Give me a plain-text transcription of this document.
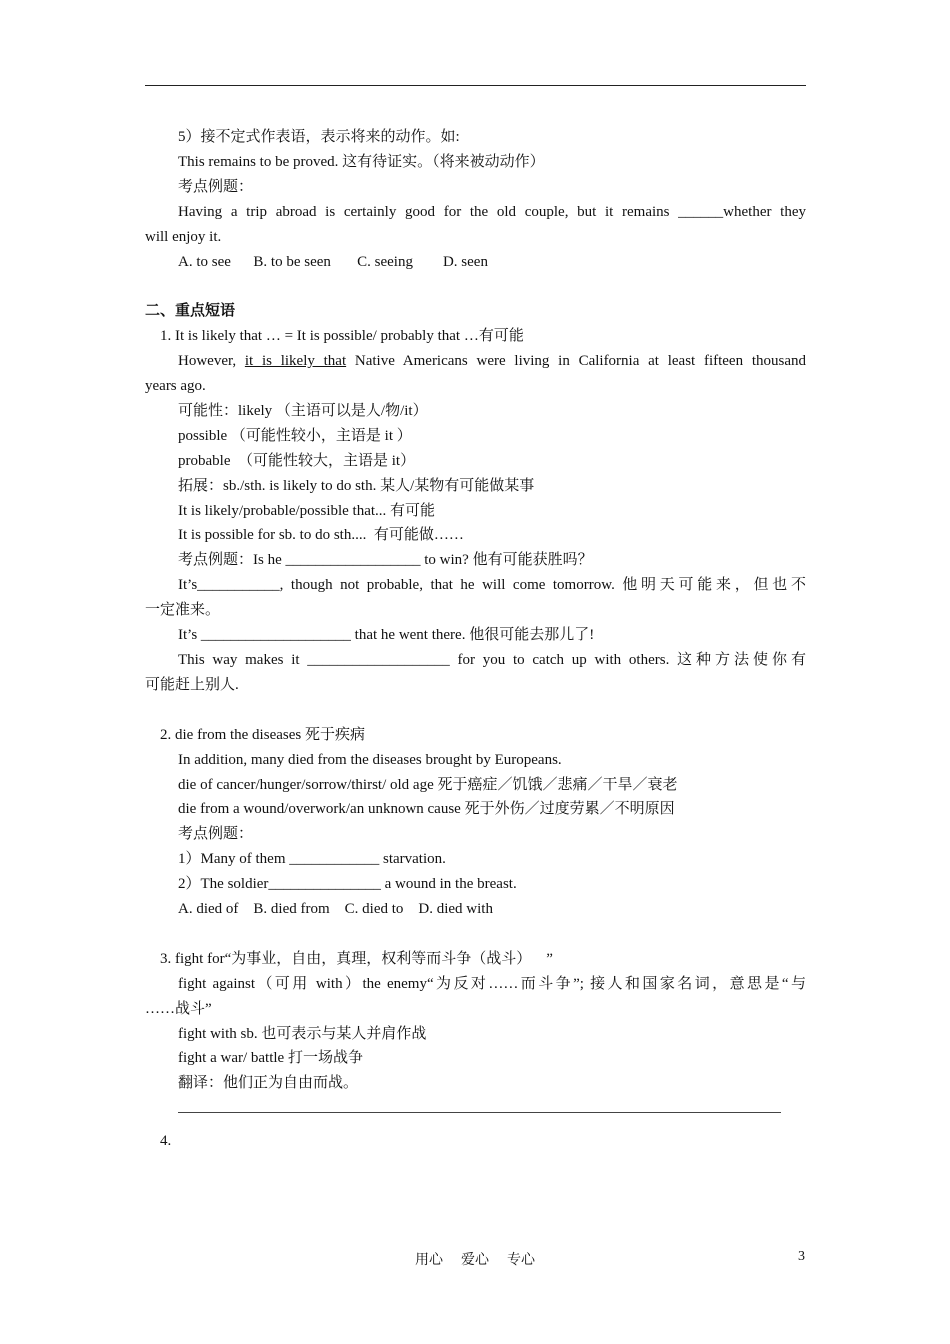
5）接不定式作表语，表示将来的动作。如:
This remains to be proved. 这有待证实。（将来被动动作）
考点例题：
Having a trip abroad is certainly good for the old couple, but it remains ______whether they
will enjoy it.
A. to see      B. to be seen       C. seeing        D. seen
二、重点短语
1. It is likely that … = It is possible/ probably that …有可能
However, it is likely that Native Americans were living in California at least fifteen thousand
years ago.
可能性：likely （主语可以是人/物/it）
possible （可能性较小，主语是 it ）
probable  （可能性较大，主语是 it）
拓展：sb./sth. is likely to do sth. 某人/某物有可能做某事
It is likely/probable/possible that... 有可能
It is possible for sb. to do sth....  有可能做……
考点例题：Is he __________________ to win? 他有可能获胜吗？
It’s___________, though not probable, that he will come tomorrow. 他明天可能来，但也不
一定准来。
It’s ____________________ that he went there. 他很可能去那儿了!
This way makes it ___________________ for you to catch up with others. 这种方法使你有
可能赶上别人.
2. die from the diseases 死于疾病
In addition, many died from the diseases brought by Europeans.
die of cancer/hunger/sorrow/thirst/ old age 死于癌症／饥饿／悲痛／干旱／衰老
die from a wound/overwork/an unknown cause 死于外伤／过度劳累／不明原因
考点例题：
1）Many of them ____________ starvation.
2）The soldier_______________ a wound in the breast.
A. died of    B. died from    C. died to    D. died with
3. fight for“为事业，自由，真理，权利等而斗争（战斗）    ”
fight against（可用 with）the enemy“为反对……而斗争”; 接人和国家名词，意思是“与
……战斗”
fight with sb. 也可表示与某人并肩作战
fight a war/ battle 打一场战争
翻译：他们正为自由而战。
4.
用心 爱心 专心	3
